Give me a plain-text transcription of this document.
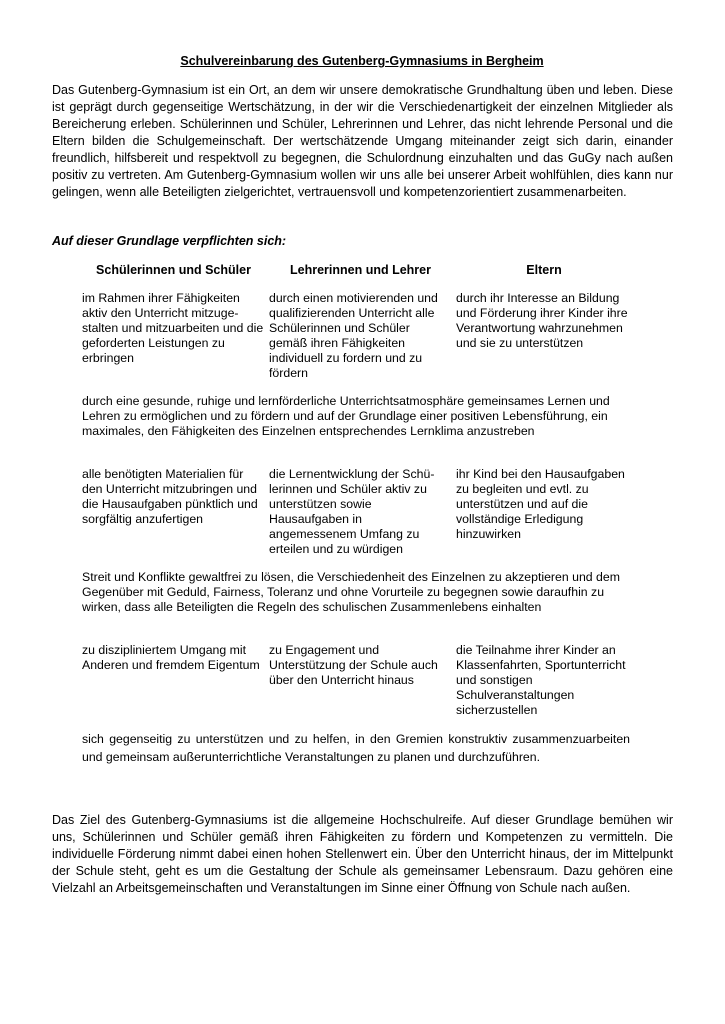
Schulvereinbarung des Gutenberg-Gymnasiums in Bergheim

Das Gutenberg-Gymnasium ist ein Ort, an dem wir unsere demokratische Grundhaltung üben und leben. Diese ist geprägt durch gegenseitige Wertschätzung, in der wir die Verschiedenartigkeit der einzelnen Mitglieder als Bereicherung erleben. Schülerinnen und Schüler, Lehrerinnen und Lehrer, das nicht lehrende Personal und die Eltern bilden die Schulgemeinschaft. Der wertschätzende Umgang miteinander zeigt sich darin, einander freundlich, hilfsbereit und respektvoll zu begegnen, die Schulordnung einzuhalten und das GuGy nach außen positiv zu vertreten. Am Gutenberg-Gymnasium wollen wir uns alle bei unserer Arbeit wohlfühlen, dies kann nur gelingen, wenn alle Beteiligten zielgerichtet, vertrauensvoll und kompetenzorientiert zusammenarbeiten.

Auf dieser Grundlage verpflichten sich:
Schülerinnen und Schüler	Lehrerinnen und Lehrer	Eltern

im Rahmen ihrer Fähigkeiten aktiv den Unterricht mitzuge-stalten und mitzuarbeiten und die geforderten Leistungen zu erbringen

durch einen motivierenden und qualifizierenden Unterricht alle Schülerinnen und Schüler gemäß ihren Fähigkeiten individuell zu fordern und zu fördern

durch ihr Interesse an Bildung und Förderung ihrer Kinder ihre Verantwortung wahrzunehmen und sie zu unterstützen

durch eine gesunde, ruhige und lernförderliche Unterrichtsatmosphäre gemeinsames Lernen und Lehren zu ermöglichen und zu fördern und auf der Grundlage einer positiven Lebensführung, ein maximales, den Fähigkeiten des Einzelnen entsprechendes Lernklima anzustreben

alle benötigten Materialien für den Unterricht mitzubringen und die Hausaufgaben pünktlich und sorgfältig anzufertigen

die Lernentwicklung der Schü-lerinnen und Schüler aktiv zu unterstützen sowie Hausaufgaben in angemessenem Umfang zu erteilen und zu würdigen

ihr Kind bei den Hausaufgaben zu begleiten und evtl. zu unterstützen und auf die vollständige Erledigung hinzuwirken

Streit und Konflikte gewaltfrei zu lösen, die Verschiedenheit des Einzelnen zu akzeptieren und dem Gegenüber mit Geduld, Fairness, Toleranz und ohne Vorurteile zu begegnen sowie daraufhin zu wirken, dass alle Beteiligten die Regeln des schulischen Zusammenlebens einhalten

zu diszipliniertem Umgang mit Anderen und fremdem Eigentum

zu Engagement und Unterstützung der Schule auch über den Unterricht hinaus

die Teilnahme ihrer Kinder an Klassenfahrten, Sportunterricht und sonstigen Schulveranstaltungen sicherzustellen

sich gegenseitig zu unterstützen und zu helfen, in den Gremien konstruktiv zusammenzuarbeiten und gemeinsam außerunterrichtliche Veranstaltungen zu planen und durchzuführen.

Das Ziel des Gutenberg-Gymnasiums ist die allgemeine Hochschulreife. Auf dieser Grundlage bemühen wir uns, Schülerinnen und Schüler gemäß ihren Fähigkeiten zu fördern und Kompetenzen zu vermitteln. Die individuelle Förderung nimmt dabei einen hohen Stellenwert ein. Über den Unterricht hinaus, der im Mittelpunkt der Schule steht, geht es um die Gestaltung der Schule als gemeinsamer Lebensraum. Dazu gehören eine Vielzahl an Arbeitsgemeinschaften und Veranstaltungen im Sinne einer Öffnung von Schule nach außen.
